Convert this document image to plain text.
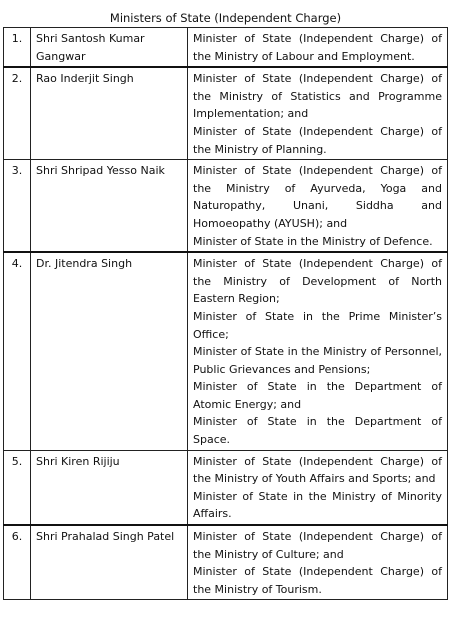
Ministers of State (Independent Charge)
1.	Shri Santosh Kumar Gangwar	Minister of State (Independent Charge) of the Ministry of Labour and Employment.

2.	Rao Inderjit Singh	Minister of State (Independent Charge) of the Ministry of Statistics and Programme Implementation; and

Minister of State (Independent Charge) of the Ministry of Planning.

3.	Shri Shripad Yesso Naik	Minister of State (Independent Charge) of the Ministry of Ayurveda, Yoga and Naturopathy, Unani, Siddha and Homoeopathy (AYUSH); and

Minister of State in the Ministry of Defence.

4.	Dr. Jitendra Singh	Minister of State (Independent Charge) of the Ministry of Development of North Eastern Region;

Minister of State in the Prime Minister’s Office;

Minister of State in the Ministry of Personnel, Public Grievances and Pensions;

Minister of State in the Department of Atomic Energy; and

Minister of State in the Department of Space.

5.	Shri Kiren Rijiju	Minister of State (Independent Charge) of the Ministry of Youth Affairs and Sports; and

Minister of State in the Ministry of Minority Affairs.

6.	Shri Prahalad Singh Patel	Minister of State (Independent Charge) of the Ministry of Culture; and

Minister of State (Independent Charge) of the Ministry of Tourism.
